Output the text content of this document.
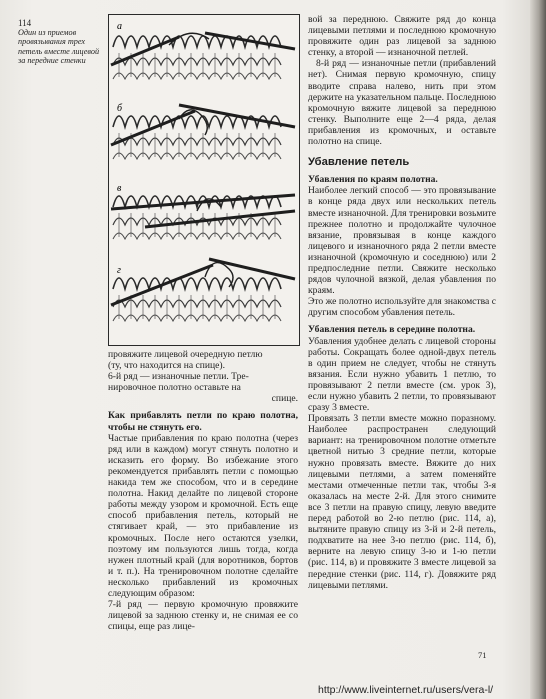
114
Один из приемов провязывания трех петель вместе лицевой за передние стенки
а
б
в
г

провяжите лицевой очередную петлю

(ту, что находится на спице).

6-й ряд — изнаночные петли. Тре-

нировочное полотно оставьте на

спице.

Как прибавлять петли по краю полотна, чтобы не стянуть его.

Частые прибавления по краю полотна (через ряд или в каждом) могут стянуть полотно и исказить его форму. Во избежание этого рекомендуется прибавлять петли с помощью накида тем же способом, что и в середине полотна. Накид делайте по лицевой стороне работы между узором и кромочной. Есть еще способ прибавления петель, который не стягивает край, — это прибавление из кромочных. После него остаются узелки, поэтому им пользуются лишь тогда, когда нужен плотный край (для воротников, бортов и т. п.). На тренировочном полотне сделайте несколько прибавлений из кромочных следующим образом:

7-й ряд — первую кромочную провяжите лицевой за заднюю стенку и, не снимая ее со спицы, еще раз лице-

вой за переднюю. Свяжите ряд до конца лицевыми петлями и последнюю кромочную провяжите один раз лицевой за заднюю стенку, а второй — изнаночной петлей.

8-й ряд — изнаночные петли (прибавлений нет). Снимая первую кромочную, спицу вводите справа налево, нить при этом держите на указательном пальце. Последнюю кромочную вяжите лицевой за переднюю стенку. Выполните еще 2—4 ряда, делая прибавления из кромочных, и оставьте полотно на спице.

Убавление петель

Убавления по краям полотна.

Наиболее легкий способ — это провязывание в конце ряда двух или нескольких петель вместе изнаночной. Для тренировки возьмите прежнее полотно и продолжайте чулочное вязание, провязывая в конце каждого лицевого и изнаночного ряда 2 петли вместе изнаночной (кромочную и соседнюю) или 2 предпоследние петли. Свяжите несколько рядов чулочной вязкой, делая убавления по краям.

Это же полотно используйте для знакомства с другим способом убавления петель.

Убавления петель в середине полотна.

Убавления удобнее делать с лицевой стороны работы. Сокращать более одной-двух петель в один прием не следует, чтобы не стянуть вязания. Если нужно убавить 1 петлю, то провязывают 2 петли вместе (см. урок 3), если нужно убавить 2 петли, то провязывают сразу 3 вместе.

Провязать 3 петли вместе можно поразному. Наиболее распространен следующий вариант: на тренировочном полотне отметьте цветной нитью 3 средние петли, которые нужно провязать вместе. Вяжите до них лицевыми петлями, а затем поменяйте местами отмеченные петли так, чтобы 3-я оказалась на месте 2-й. Для этого снимите все 3 петли на правую спицу, левую введите перед работой во 2-ю петлю (рис. 114, а), вытяните правую спицу из 3-й и 2-й петель, подхватите на нее 3-ю петлю (рис. 114, б), верните на левую спицу 3-ю и 1-ю петли (рис. 114, в) и провяжите 3 вместе лицевой за передние стенки (рис. 114, г). Довяжите ряд лицевыми петлями.

71
http://www.liveinternet.ru/users/vera-l/
